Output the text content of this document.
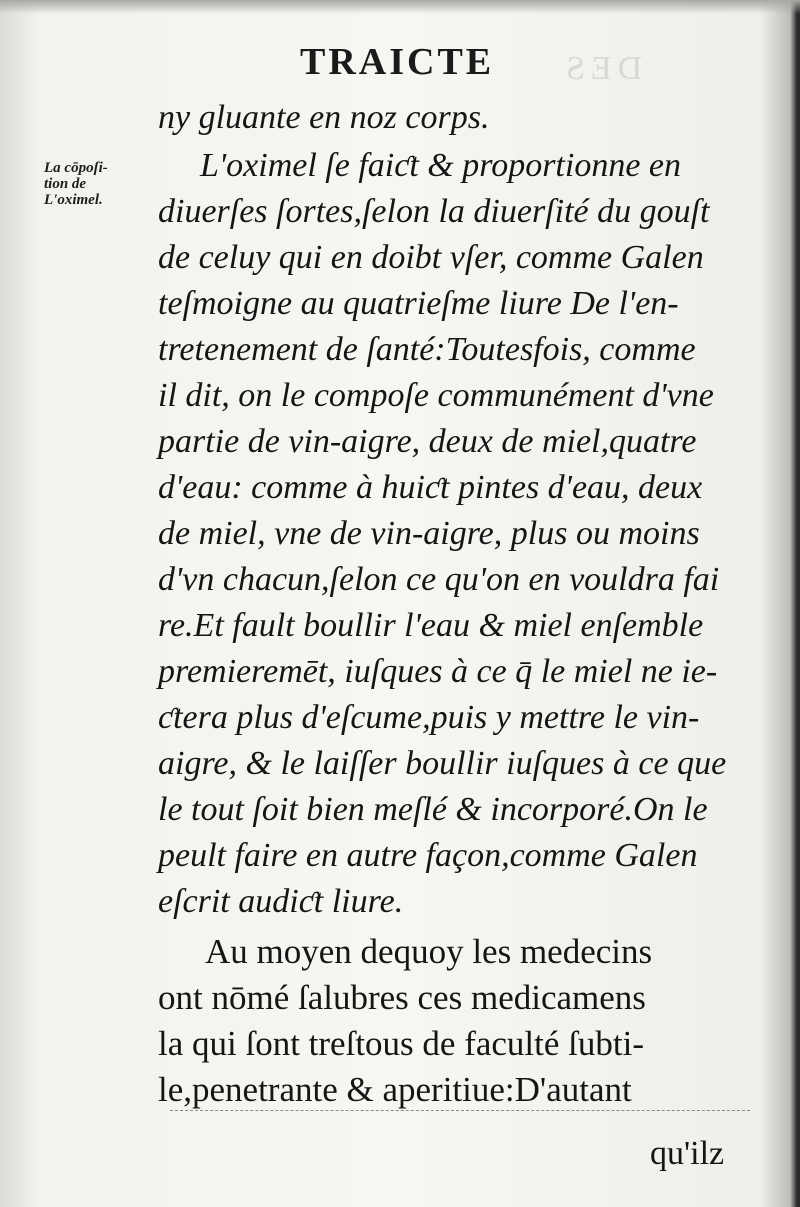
DES
TRAICTE
La cōpoſi-
tion de
L'oximel.
ny gluante en noz corps.
L'oximel ſe faiƈt & proportionne en
diuerſes ſortes,ſelon la diuerſité du gouſt
de celuy qui en doibt vſer, comme Galen
teſmoigne au quatrieſme liure De l'en-
tretenement de ſanté:Toutesfois, comme
il dit, on le compoſe communément d'vne
partie de vin-aigre, deux de miel,quatre
d'eau: comme à huiƈt pintes d'eau, deux
de miel, vne de vin-aigre, plus ou moins
d'vn chacun,ſelon ce qu'on en vouldra fai
re.Et fault boullir l'eau & miel enſemble
premieremēt, iuſques à ce q̄ le miel ne ie-
ƈtera plus d'eſcume,puis y mettre le vin-
aigre, & le laiſſer boullir iuſques à ce que
le tout ſoit bien meſlé & incorporé.On le
peult faire en autre façon,comme Galen
eſcrit audiƈt liure.
Au moyen dequoy les medecins
ont nōmé ſalubres ces medicamens
la qui ſont treſtous de faculté ſubti-
le,penetrante & aperitiue:D'autant
qu'ilz
